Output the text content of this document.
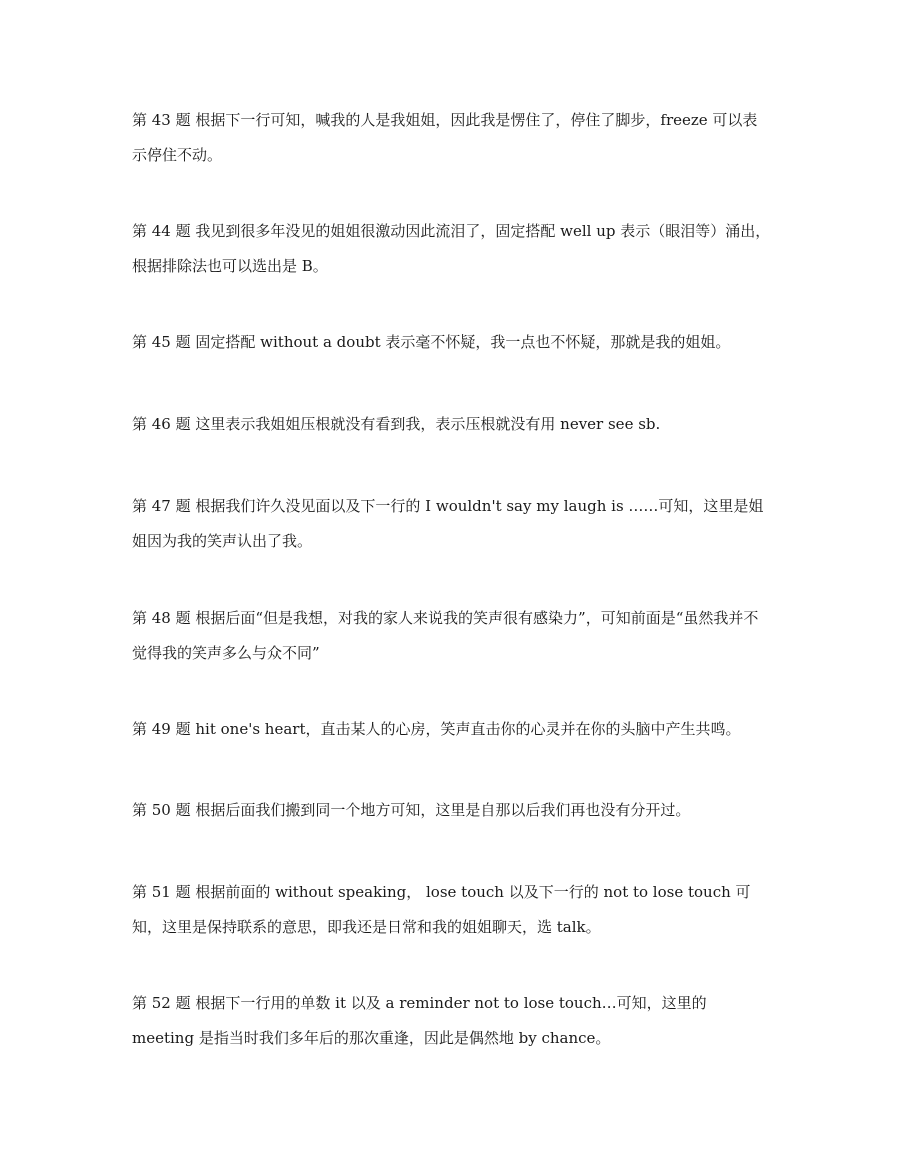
第 43 题 根据下一行可知，喊我的人是我姐姐，因此我是愣住了，停住了脚步，freeze 可以表示停住不动。

第 44 题 我见到很多年没见的姐姐很激动因此流泪了，固定搭配 well up 表示（眼泪等）涌出，根据排除法也可以选出是 B。

第 45 题 固定搭配 without a doubt 表示毫不怀疑，我一点也不怀疑，那就是我的姐姐。

第 46 题 这里表示我姐姐压根就没有看到我，表示压根就没有用 never see sb.

第 47 题 根据我们许久没见面以及下一行的 I wouldn't say my laugh is ……可知，这里是姐姐因为我的笑声认出了我。

第 48 题 根据后面“但是我想，对我的家人来说我的笑声很有感染力”，可知前面是“虽然我并不觉得我的笑声多么与众不同”

第 49 题 hit one's heart，直击某人的心房，笑声直击你的心灵并在你的头脑中产生共鸣。

第 50 题 根据后面我们搬到同一个地方可知，这里是自那以后我们再也没有分开过。

第 51 题 根据前面的 without speaking， lose touch 以及下一行的 not to lose touch 可知，这里是保持联系的意思，即我还是日常和我的姐姐聊天，选 talk。

第 52 题 根据下一行用的单数 it 以及 a reminder not to lose touch…可知，这里的 meeting 是指当时我们多年后的那次重逢，因此是偶然地 by chance。
